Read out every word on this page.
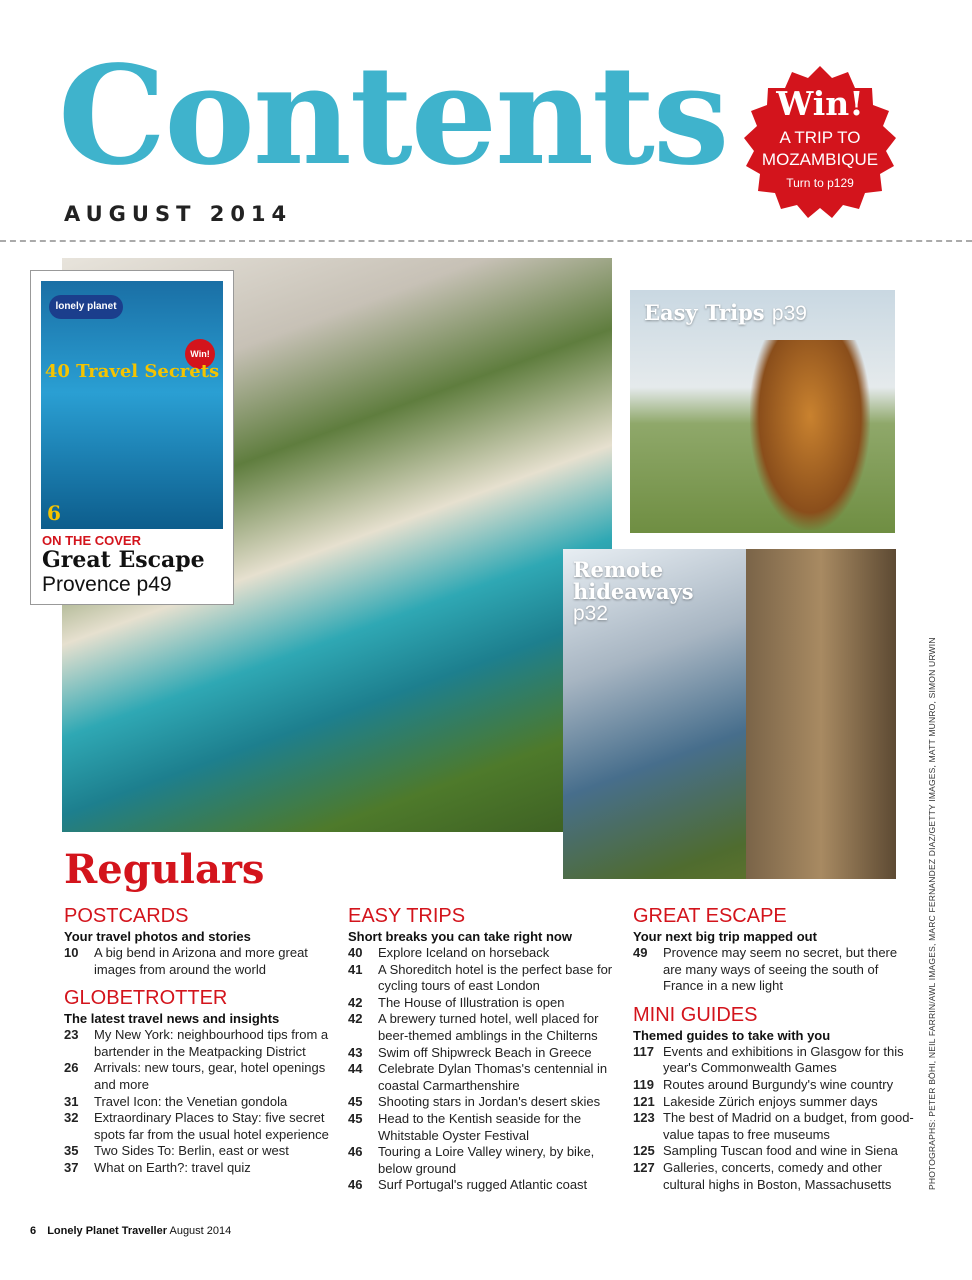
Contents
AUGUST 2014
Win!
A TRIP TO
MOZAMBIQUE
Turn to p129
Easy Trips p39
Remote hideaways
p32
lonely planet
Win!
40 Travel Secrets
6
ON THE COVER
Great Escape
Provence p49
Regulars
POSTCARDS
Your travel photos and stories
10	A big bend in Arizona and more great images from around the world
GLOBETROTTER
The latest travel news and insights
23	My New York: neighbourhood tips from a bartender in the Meatpacking District
26	Arrivals: new tours, gear, hotel openings and more
31	Travel Icon: the Venetian gondola
32	Extraordinary Places to Stay: five secret spots far from the usual hotel experience
35	Two Sides To: Berlin, east or west
37	What on Earth?: travel quiz
EASY TRIPS
Short breaks you can take right now
40	Explore Iceland on horseback
41	A Shoreditch hotel is the perfect base for cycling tours of east London
42	The House of Illustration is open
42	A brewery turned hotel, well placed for beer-themed amblings in the Chilterns
43	Swim off Shipwreck Beach in Greece
44	Celebrate Dylan Thomas's centennial in coastal Carmarthenshire
45	Shooting stars in Jordan's desert skies
45	Head to the Kentish seaside for the Whitstable Oyster Festival
46	Touring a Loire Valley winery, by bike, below ground
46	Surf Portugal's rugged Atlantic coast
GREAT ESCAPE
Your next big trip mapped out
49	Provence may seem no secret, but there are many ways of seeing the south of France in a new light
MINI GUIDES
Themed guides to take with you
117 Events and exhibitions in Glasgow for this year's Commonwealth Games
119 Routes around Burgundy's wine country
121 Lakeside Zürich enjoys summer days
123 The best of Madrid on a budget, from good-value tapas to free museums
125 Sampling Tuscan food and wine in Siena
127 Galleries, concerts, comedy and other cultural highs in Boston, Massachusetts
6 Lonely Planet Traveller August 2014
PHOTOGRAPHS: PETER BÖHI, NEIL FARRIN/AWL IMAGES, MARC FERNANDEZ DIAZ/GETTY IMAGES, MATT MUNRO, SIMON URWIN
